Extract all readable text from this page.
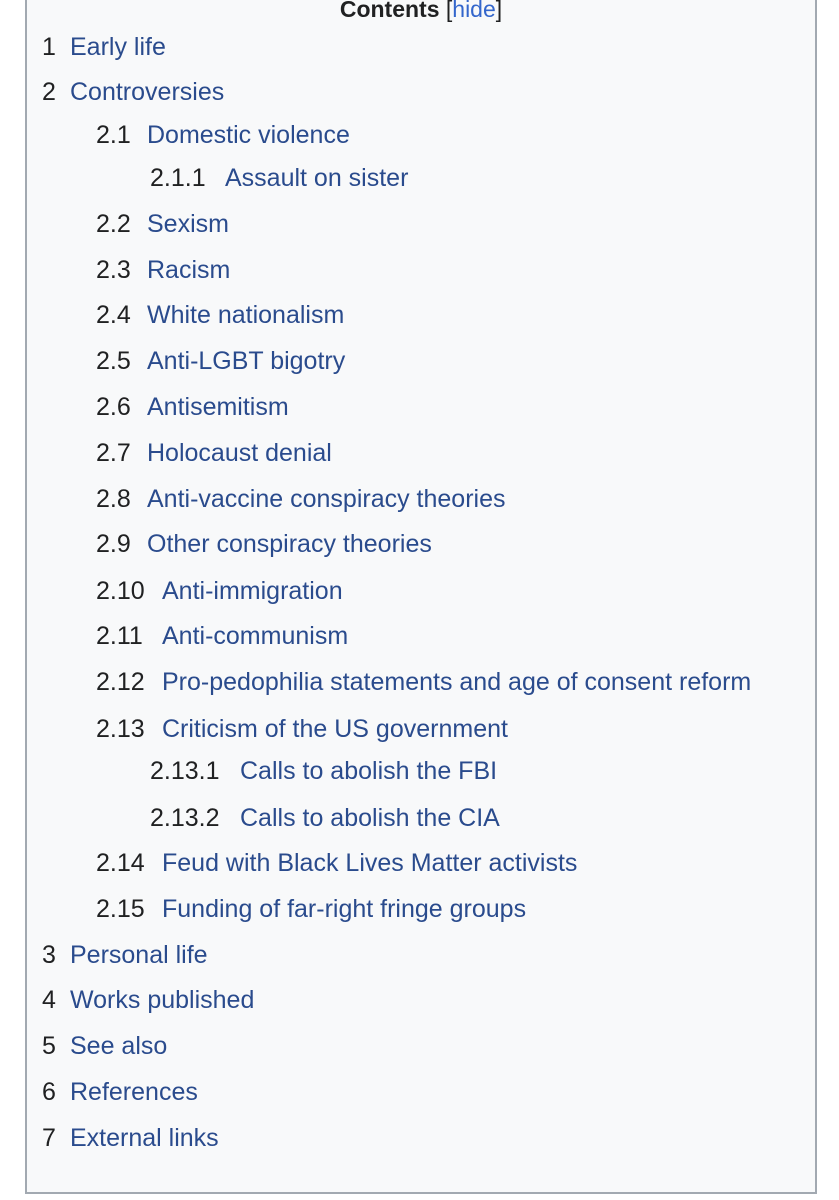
Contents [hide]
1 Early life
2 Controversies
2.1 Domestic violence
2.1.1 Assault on sister
2.2 Sexism
2.3 Racism
2.4 White nationalism
2.5 Anti-LGBT bigotry
2.6 Antisemitism
2.7 Holocaust denial
2.8 Anti-vaccine conspiracy theories
2.9 Other conspiracy theories
2.10 Anti-immigration
2.11 Anti-communism
2.12 Pro-pedophilia statements and age of consent reform
2.13 Criticism of the US government
2.13.1 Calls to abolish the FBI
2.13.2 Calls to abolish the CIA
2.14 Feud with Black Lives Matter activists
2.15 Funding of far-right fringe groups
3 Personal life
4 Works published
5 See also
6 References
7 External links
